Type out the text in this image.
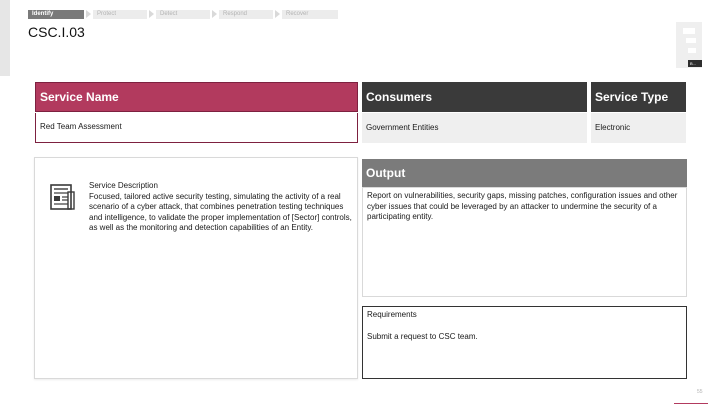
Identify	Protect	Detect	Respond	Recover
CSC.I.03
B...
Service Name	Consumers	Service Type
Red Team Assessment	Government Entities	Electronic
Service Description
Focused, tailored active security testing, simulating the activity of a real scenario of a cyber attack, that combines penetration testing techniques and intelligence, to validate the proper implementation of [Sector] controls, as well as the monitoring and detection capabilities of an Entity.
Output
Report on vulnerabilities, security gaps, missing patches, configuration issues and other cyber issues that could be leveraged by an attacker to undermine the security of a participating entity.
Requirements
Submit a request to CSC team.
55
